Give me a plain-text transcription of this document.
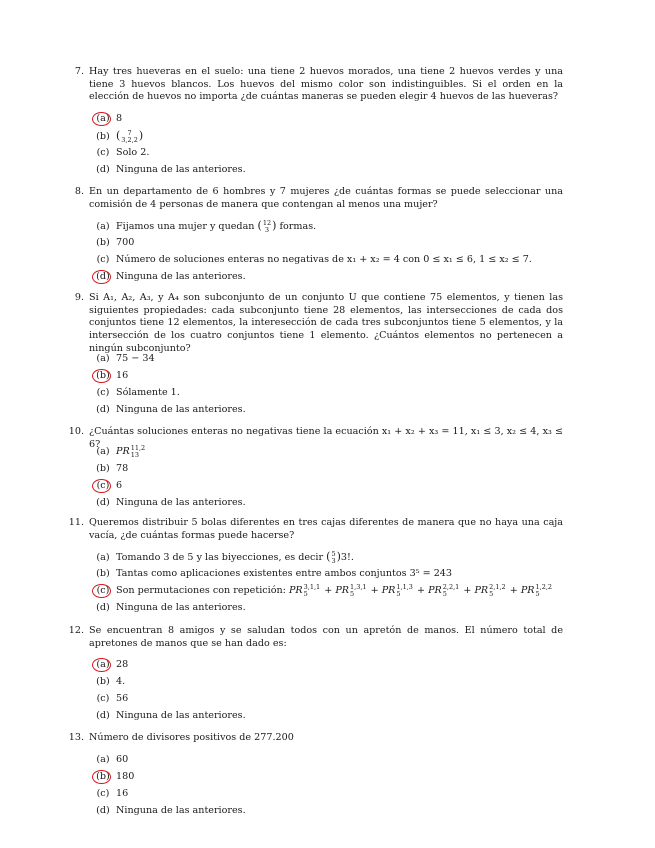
7. Hay tres hueveras en el suelo: una tiene 2 huevos morados, una tiene 2 huevos verdes y una tiene 3 huevos blancos. Los huevos del mismo color son indistinguibles. Si el orden en la elección de huevos no importa ¿de cuántas maneras se pueden elegir 4 huevos de las hueveras?
(a) 8
(b) (	7
3,2,2 )
(c) Solo 2.
(d) Ninguna de las anteriores.
8. En un departamento de 6 hombres y 7 mujeres ¿de cuántas formas se puede seleccionar una comisión de 4 personas de manera que contengan al menos una mujer?
(a) Fijamos una mujer y quedan ( 12
3 ) formas.
(b) 700
(c) Número de soluciones enteras no negativas de x₁ + x₂ = 4 con 0 ≤ x₁ ≤ 6, 1 ≤ x₂ ≤ 7.
(d) Ninguna de las anteriores.
9. Si A₁, A₂, A₃, y A₄ son subconjunto de un conjunto U que contiene 75 elementos, y tienen las siguientes propiedades: cada subconjunto tiene 28 elementos, las intersecciones de cada dos conjuntos tiene 12 elementos, la interesección de cada tres subconjuntos tiene 5 elementos, y la intersección de los cuatro conjuntos tiene 1 elemento. ¿Cuántos elementos no pertenecen a ningún subconjunto?
(a) 75 − 34
(b) 16
(c) Sólamente 1.
(d) Ninguna de las anteriores.
10. ¿Cuántas soluciones enteras no negativas tiene la ecuación x₁ + x₂ + x₃ = 11, x₁ ≤ 3, x₂ ≤ 4, x₃ ≤ 6?
(a) PR 11,2
13
(b) 78
(c) 6
(d) Ninguna de las anteriores.
11. Queremos distribuir 5 bolas diferentes en tres cajas diferentes de manera que no haya una caja vacía, ¿de cuántas formas puede hacerse?
(a) Tomando 3 de 5 y las biyecciones, es decir ( 5
3 )3!.
(b) Tantas como aplicaciones existentes entre ambos conjuntos 3⁵ = 243
(c) Son permutaciones con repetición: PR 3,1,1
5	+ PR 1,3,1
5	+ PR 1,1,3
5	+ PR 2,2,1
5	+ PR 2,1,2
5	+ PR 1,2,2
5
(d) Ninguna de las anteriores.
12. Se encuentran 8 amigos y se saludan todos con un apretón de manos. El número total de apretones de manos que se han dado es:
(a) 28
(b) 4.
(c) 56
(d) Ninguna de las anteriores.
13. Número de divisores positivos de 277.200
(a) 60
(b) 180
(c) 16
(d) Ninguna de las anteriores.
